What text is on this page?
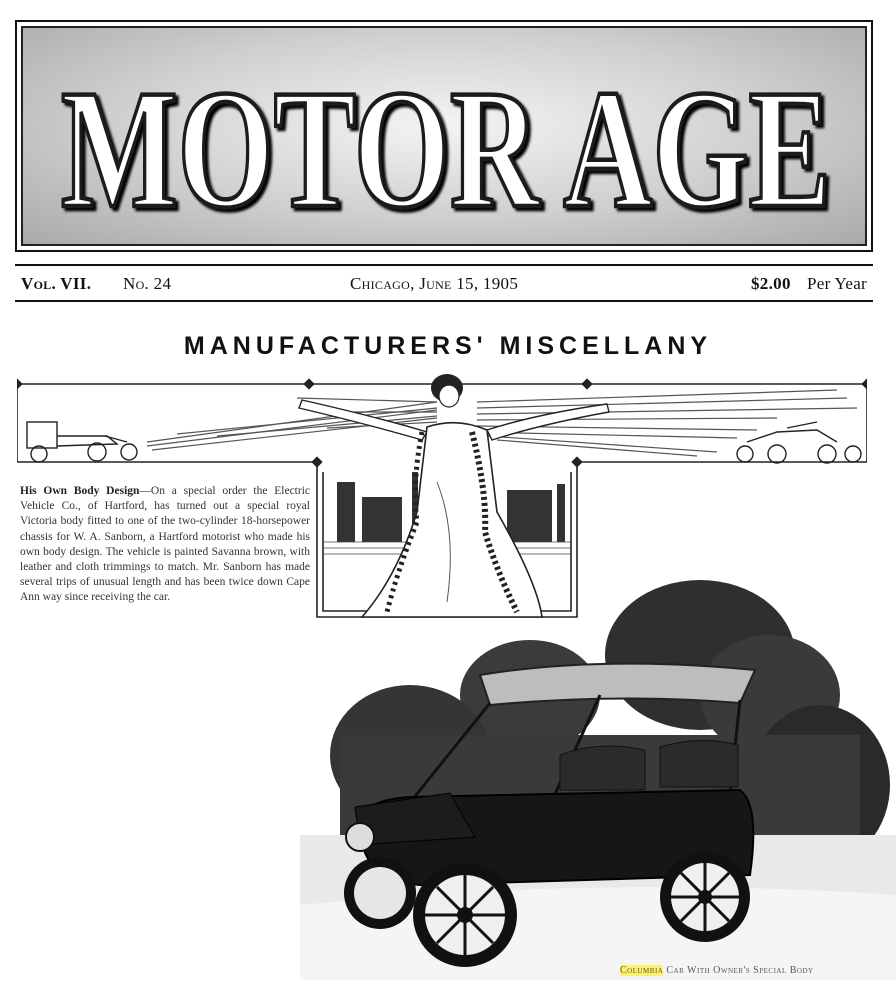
MOTOR AGE
Vol. VII. No. 24	Chicago, June 15, 1905	$2.00 Per Year
MANUFACTURERS' MISCELLANY
His Own Body Design—On a special order the Electric Vehicle Co., of Hartford, has turned out a special royal Victoria body fitted to one of the two-cylinder 18-horsepower chassis for W. A. Sanborn, a Hartford motorist who made his own body design. The vehicle is painted Savanna brown, with leather and cloth trimmings to match. Mr. Sanborn has made several trips of unusual length and has been twice down Cape Ann way since receiving the car.
Columbia Car With Owner's Special Body
